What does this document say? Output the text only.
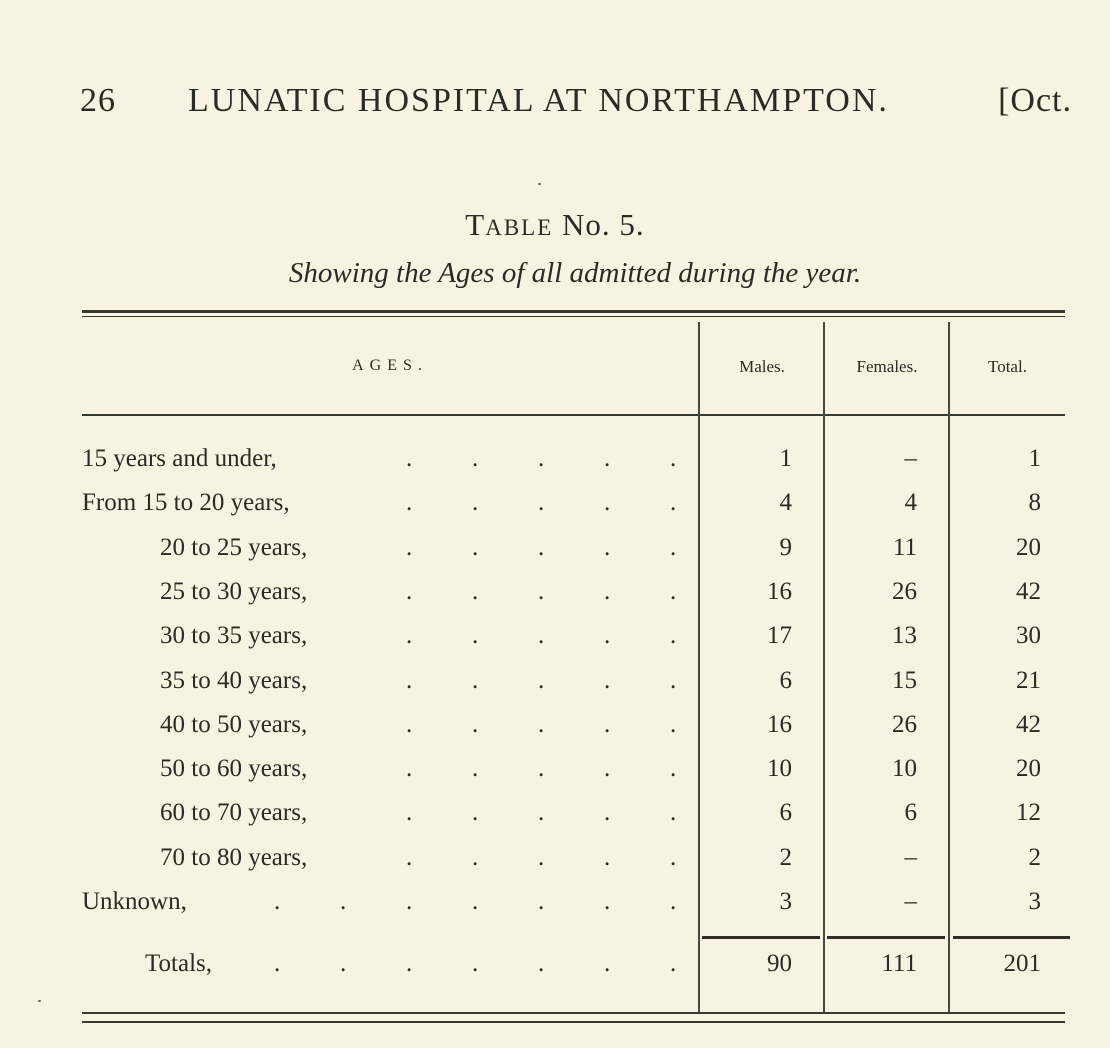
26 LUNATIC HOSPITAL AT NORTHAMPTON.	[Oct.
TABLE No. 5.
Showing the Ages of all admitted during the year.
AGES.	Males.	Females.	Total.
15 years and under,	. . . . .	1	–	1
From 15 to 20 years,	. . . . .	4	4	8
20 to 25 years,	. . . . .	9	11	20
25 to 30 years,	. . . . .	16	26	42
30 to 35 years,	. . . . .	17	13	30
35 to 40 years,	. . . . .	6	15	21
40 to 50 years,	. . . . .	16	26	42
50 to 60 years,	. . . . .	10	10	20
60 to 70 years,	. . . . .	6	6	12
70 to 80 years,	. . . . .	2	–	2
Unknown,	. . . . . . .	3	–	3
Totals, . . . . . . .	90	111	201
